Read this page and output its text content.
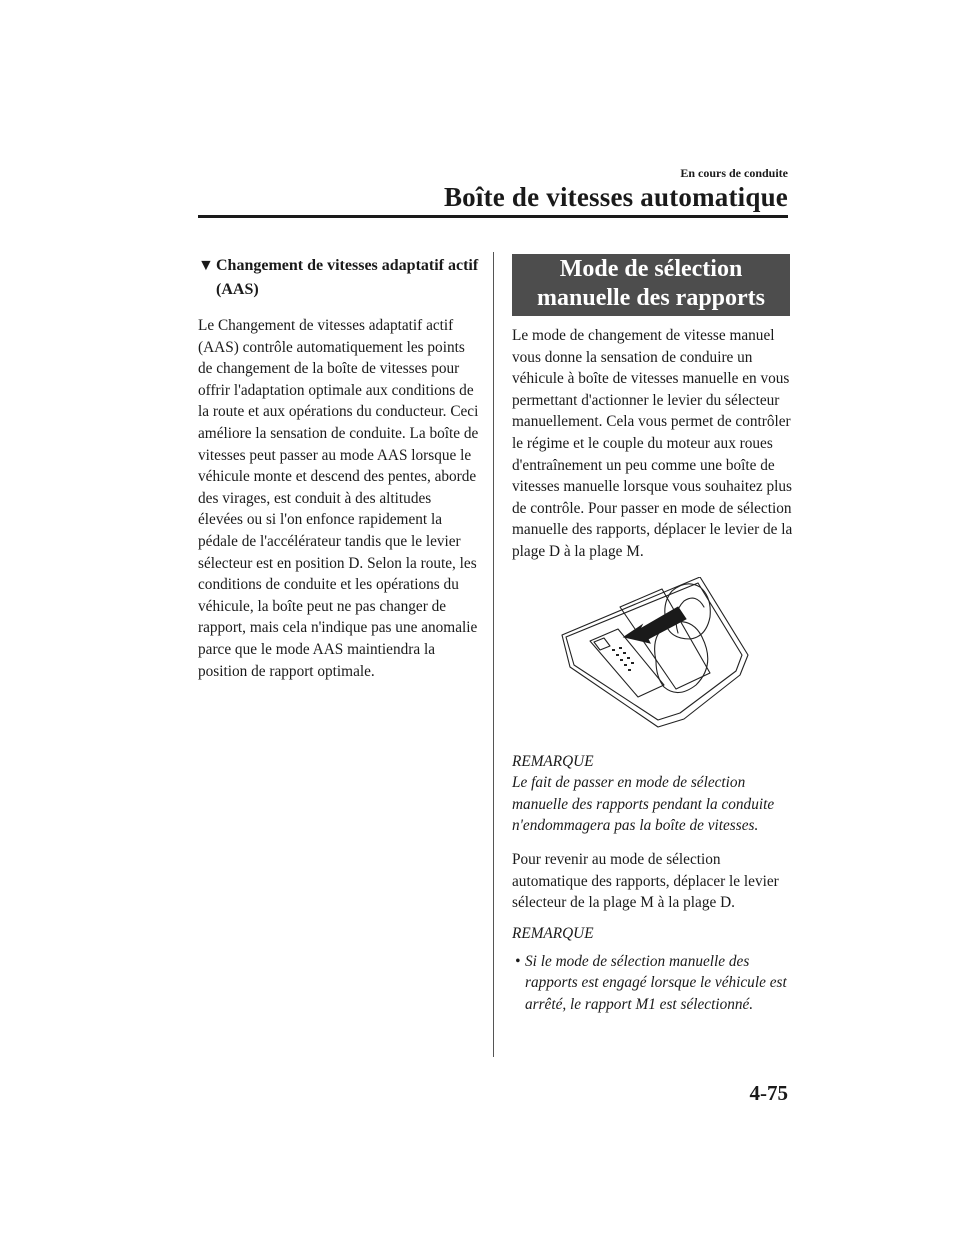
En cours de conduite
Boîte de vitesses automatique
▼ Changement de vitesses adaptatif actif (AAS)

Le Changement de vitesses adaptatif actif (AAS) contrôle automatiquement les points de changement de la boîte de vitesses pour offrir l'adaptation optimale aux conditions de la route et aux opérations du conducteur. Ceci améliore la sensation de conduite. La boîte de vitesses peut passer au mode AAS lorsque le véhicule monte et descend des pentes, aborde des virages, est conduit à des altitudes élevées ou si l'on enfonce rapidement la pédale de l'accélérateur tandis que le levier sélecteur est en position D. Selon la route, les conditions de conduite et les opérations du véhicule, la boîte peut ne pas changer de rapport, mais cela n'indique pas une anomalie parce que le mode AAS maintiendra la position de rapport optimale.

Mode de sélection
manuelle des rapports

Le mode de changement de vitesse manuel vous donne la sensation de conduire un véhicule à boîte de vitesses manuelle en vous permettant d'actionner le levier du sélecteur manuellement. Cela vous permet de contrôler le régime et le couple du moteur aux roues d'entraînement un peu comme une boîte de vitesses manuelle lorsque vous souhaitez plus de contrôle. Pour passer en mode de sélection manuelle des rapports, déplacer le levier de la plage D à la plage M.

REMARQUE

Le fait de passer en mode de sélection manuelle des rapports pendant la conduite n'endommagera pas la boîte de vitesses.

Pour revenir au mode de sélection automatique des rapports, déplacer le levier sélecteur de la plage M à la plage D.

REMARQUE
• Si le mode de sélection manuelle des rapports est engagé lorsque le véhicule est arrêté, le rapport M1 est sélectionné.
4-75
